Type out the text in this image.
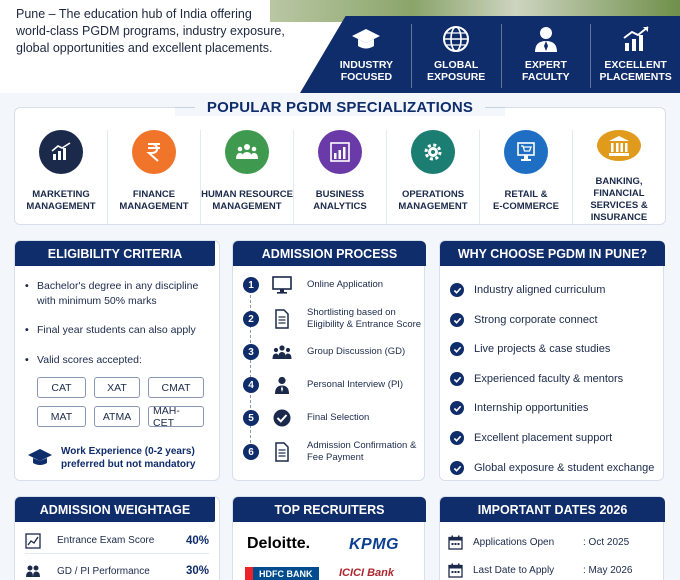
Pune – The education hub of India offering world-class PGDM programs, industry exposure, global opportunities and excellent placements.
INDUSTRY
FOCUSED
GLOBAL
EXPOSURE
EXPERT
FACULTY
EXCELLENT
PLACEMENTS
MARKETING
MANAGEMENT
FINANCE
MANAGEMENT
HUMAN RESOURCE
MANAGEMENT
BUSINESS
ANALYTICS
OPERATIONS
MANAGEMENT
RETAIL &
E-COMMERCE
BANKING, FINANCIAL
SERVICES & INSURANCE
POPULAR PGDM SPECIALIZATIONS
ELIGIBILITY CRITERIA
• Bachelor's degree in any discipline with minimum 50% marks
• Final year students can also apply
• Valid scores accepted:
CAT	XAT	CMAT
MAT	ATMA	MAH-CET
Work Experience (0-2 years) preferred but not mandatory
ADMISSION PROCESS
1	Online Application
2
Shortlisting based on Eligibility & Entrance Score
3	Group Discussion (GD)
4	Personal Interview (PI)
5	Final Selection
6
Admission Confirmation & Fee Payment
WHY CHOOSE PGDM IN PUNE?
Industry aligned curriculum
Strong corporate connect
Live projects & case studies
Experienced faculty & mentors
Internship opportunities
Excellent placement support
Global exposure & student exchange
ADMISSION WEIGHTAGE
Entrance Exam Score	40%
GD / PI Performance	30%
TOP RECRUITERS
Deloitte. KPMG
HDFC BANK	ICICI Bank
IMPORTANT DATES 2026
Applications Open	: Oct 2025
Last Date to Apply	: May 2026
